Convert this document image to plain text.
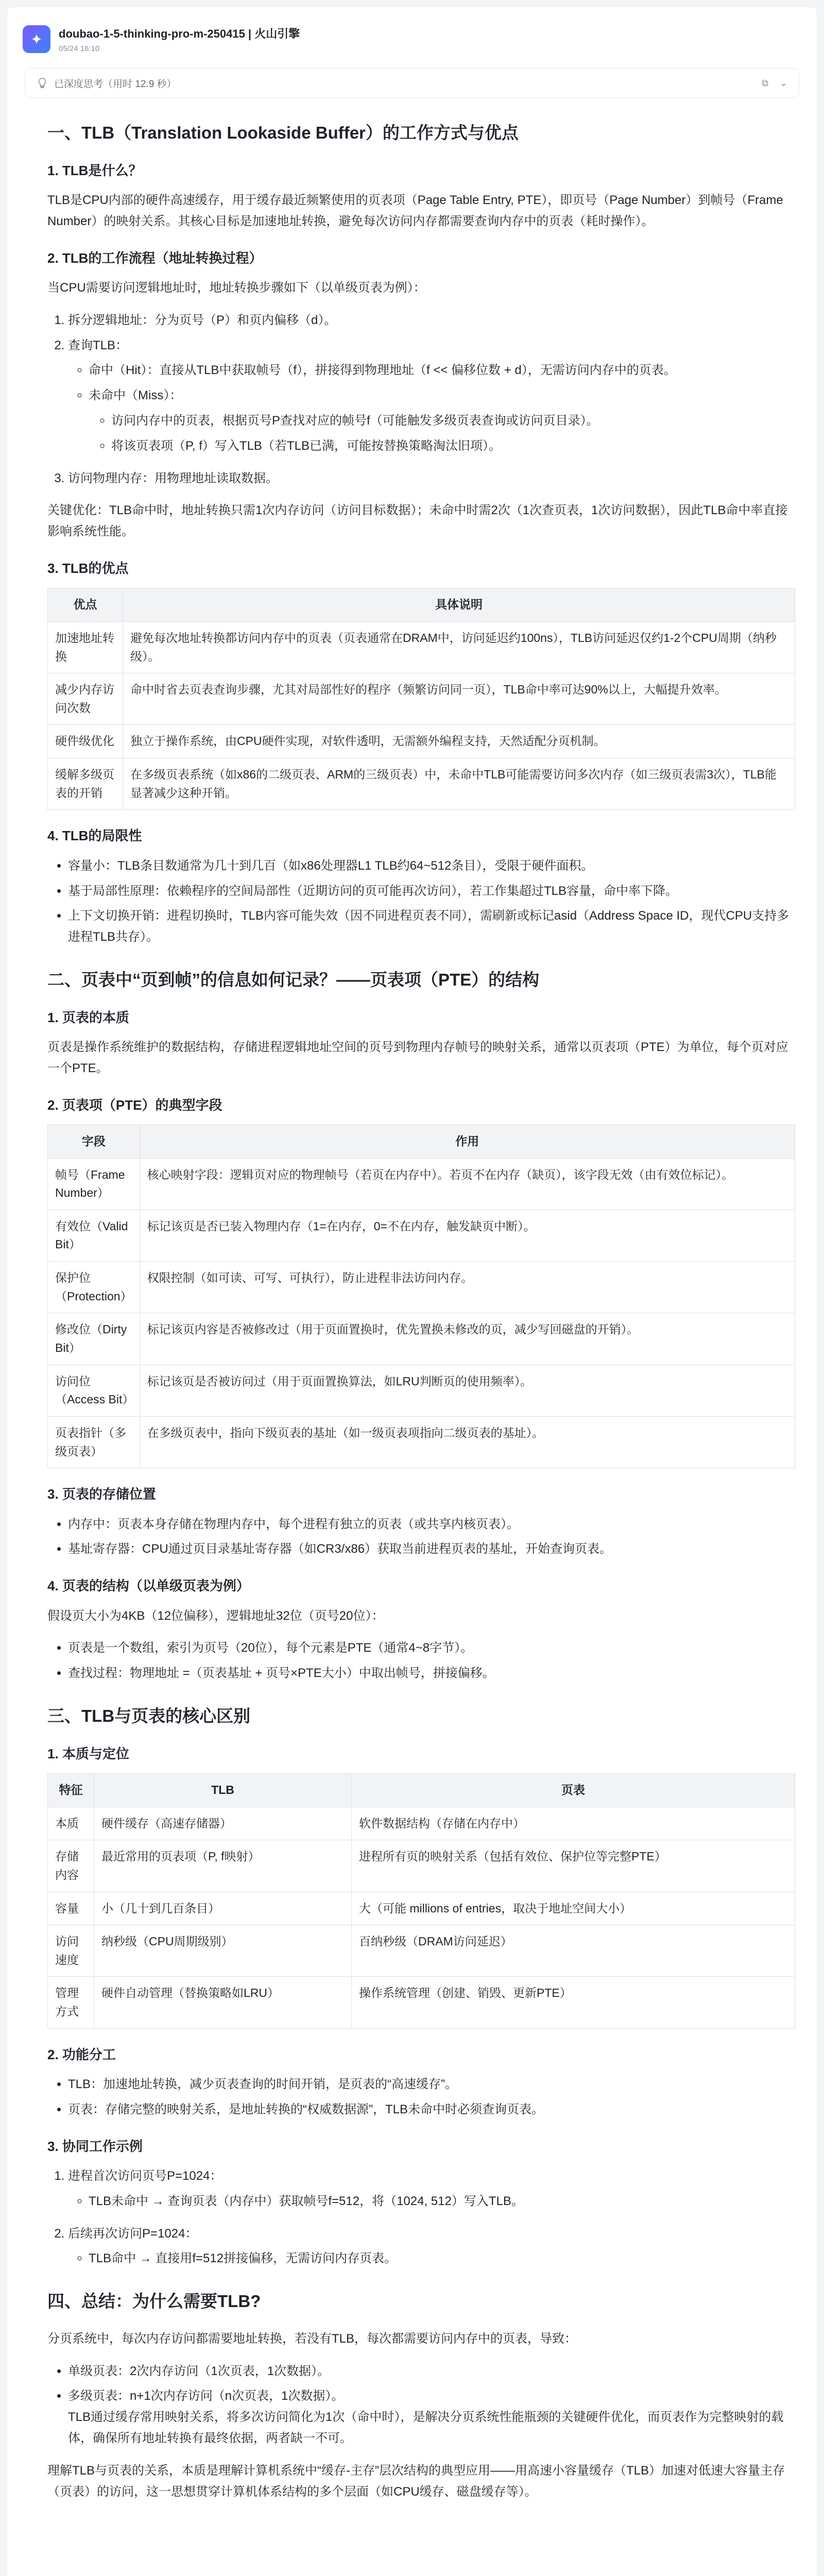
✦	doubao-1-5-thinking-pro-m-250415 | 火山引擎
05/24 16:10
已深度思考（用时 12.9 秒）	⧉ ⌄
一、TLB（Translation Lookaside Buffer）的工作方式与优点
1. TLB是什么？

TLB是CPU内部的硬件高速缓存，用于缓存最近频繁使用的页表项（Page Table Entry, PTE），即页号（Page Number）到帧号（Frame Number）的映射关系。其核心目标是加速地址转换，避免每次访问内存都需要查询内存中的页表（耗时操作）。

2. TLB的工作流程（地址转换过程）

当CPU需要访问逻辑地址时，地址转换步骤如下（以单级页表为例）：

1. 拆分逻辑地址：分为页号（P）和页内偏移（d）。
2. 查询TLB：
◦ 命中（Hit）：直接从TLB中获取帧号（f），拼接得到物理地址（f << 偏移位数 + d），无需访问内存中的页表。
◦ 未命中（Miss）：
◦ 访问内存中的页表，根据页号P查找对应的帧号f（可能触发多级页表查询或访问页目录）。
◦ 将该页表项（P, f）写入TLB（若TLB已满，可能按替换策略淘汰旧项）。
3. 访问物理内存：用物理地址读取数据。

关键优化：TLB命中时，地址转换只需1次内存访问（访问目标数据）；未命中时需2次（1次查页表，1次访问数据），因此TLB命中率直接影响系统性能。

3. TLB的优点
优点	具体说明
加速地址转换	避免每次地址转换都访问内存中的页表（页表通常在DRAM中，访问延迟约100ns），TLB访问延迟仅约1-2个CPU周期（纳秒级）。
减少内存访问次数	命中时省去页表查询步骤，尤其对局部性好的程序（频繁访问同一页），TLB命中率可达90%以上，大幅提升效率。
硬件级优化	独立于操作系统，由CPU硬件实现，对软件透明，无需额外编程支持，天然适配分页机制。
缓解多级页表的开销	在多级页表系统（如x86的二级页表、ARM的三级页表）中，未命中TLB可能需要访问多次内存（如三级页表需3次），TLB能显著减少这种开销。
4. TLB的局限性
• 容量小：TLB条目数通常为几十到几百（如x86处理器L1 TLB约64~512条目），受限于硬件面积。
• 基于局部性原理：依赖程序的空间局部性（近期访问的页可能再次访问），若工作集超过TLB容量，命中率下降。
• 上下文切换开销：进程切换时，TLB内容可能失效（因不同进程页表不同），需刷新或标记asid（Address Space ID，现代CPU支持多进程TLB共存）。
二、页表中“页到帧”的信息如何记录？——页表项（PTE）的结构
1. 页表的本质

页表是操作系统维护的数据结构，存储进程逻辑地址空间的页号到物理内存帧号的映射关系，通常以页表项（PTE）为单位，每个页对应一个PTE。

2. 页表项（PTE）的典型字段
字段	作用
帧号（Frame Number）	核心映射字段：逻辑页对应的物理帧号（若页在内存中）。若页不在内存（缺页），该字段无效（由有效位标记）。
有效位（Valid Bit）	标记该页是否已装入物理内存（1=在内存，0=不在内存，触发缺页中断）。
保护位（Protection）	权限控制（如可读、可写、可执行），防止进程非法访问内存。
修改位（Dirty Bit）	标记该页内容是否被修改过（用于页面置换时，优先置换未修改的页，减少写回磁盘的开销）。
访问位（Access Bit）	标记该页是否被访问过（用于页面置换算法，如LRU判断页的使用频率）。
页表指针（多级页表）	在多级页表中，指向下级页表的基址（如一级页表项指向二级页表的基址）。
3. 页表的存储位置
• 内存中：页表本身存储在物理内存中，每个进程有独立的页表（或共享内核页表）。
• 基址寄存器：CPU通过页目录基址寄存器（如CR3/x86）获取当前进程页表的基址，开始查询页表。
4. 页表的结构（以单级页表为例）

假设页大小为4KB（12位偏移），逻辑地址32位（页号20位）：

• 页表是一个数组，索引为页号（20位），每个元素是PTE（通常4~8字节）。
• 查找过程：物理地址 =（页表基址 + 页号×PTE大小）中取出帧号，拼接偏移。
三、TLB与页表的核心区别
1. 本质与定位
特征	TLB	页表
本质	硬件缓存（高速存储器）	软件数据结构（存储在内存中）
存储内容	最近常用的页表项（P, f映射）	进程所有页的映射关系（包括有效位、保护位等完整PTE）
容量	小（几十到几百条目）	大（可能 millions of entries，取决于地址空间大小）
访问速度	纳秒级（CPU周期级别）	百纳秒级（DRAM访问延迟）
管理方式	硬件自动管理（替换策略如LRU）	操作系统管理（创建、销毁、更新PTE）
2. 功能分工
• TLB：加速地址转换，减少页表查询的时间开销，是页表的“高速缓存”。
• 页表：存储完整的映射关系，是地址转换的“权威数据源”，TLB未命中时必须查询页表。
3. 协同工作示例
1. 进程首次访问页号P=1024：
◦ TLB未命中 → 查询页表（内存中）获取帧号f=512，将（1024, 512）写入TLB。
2. 后续再次访问P=1024：
◦ TLB命中 → 直接用f=512拼接偏移，无需访问内存页表。
四、总结：为什么需要TLB?

分页系统中，每次内存访问都需要地址转换，若没有TLB，每次都需要访问内存中的页表，导致：

• 单级页表：2次内存访问（1次页表，1次数据）。
• 多级页表：n+1次内存访问（n次页表，1次数据）。
TLB通过缓存常用映射关系，将多次访问简化为1次（命中时），是解决分页系统性能瓶颈的关键硬件优化，而页表作为完整映射的载体，确保所有地址转换有最终依据，两者缺一不可。

理解TLB与页表的关系，本质是理解计算机系统中“缓存-主存”层次结构的典型应用——用高速小容量缓存（TLB）加速对低速大容量主存（页表）的访问，这一思想贯穿计算机体系结构的多个层面（如CPU缓存、磁盘缓存等）。
